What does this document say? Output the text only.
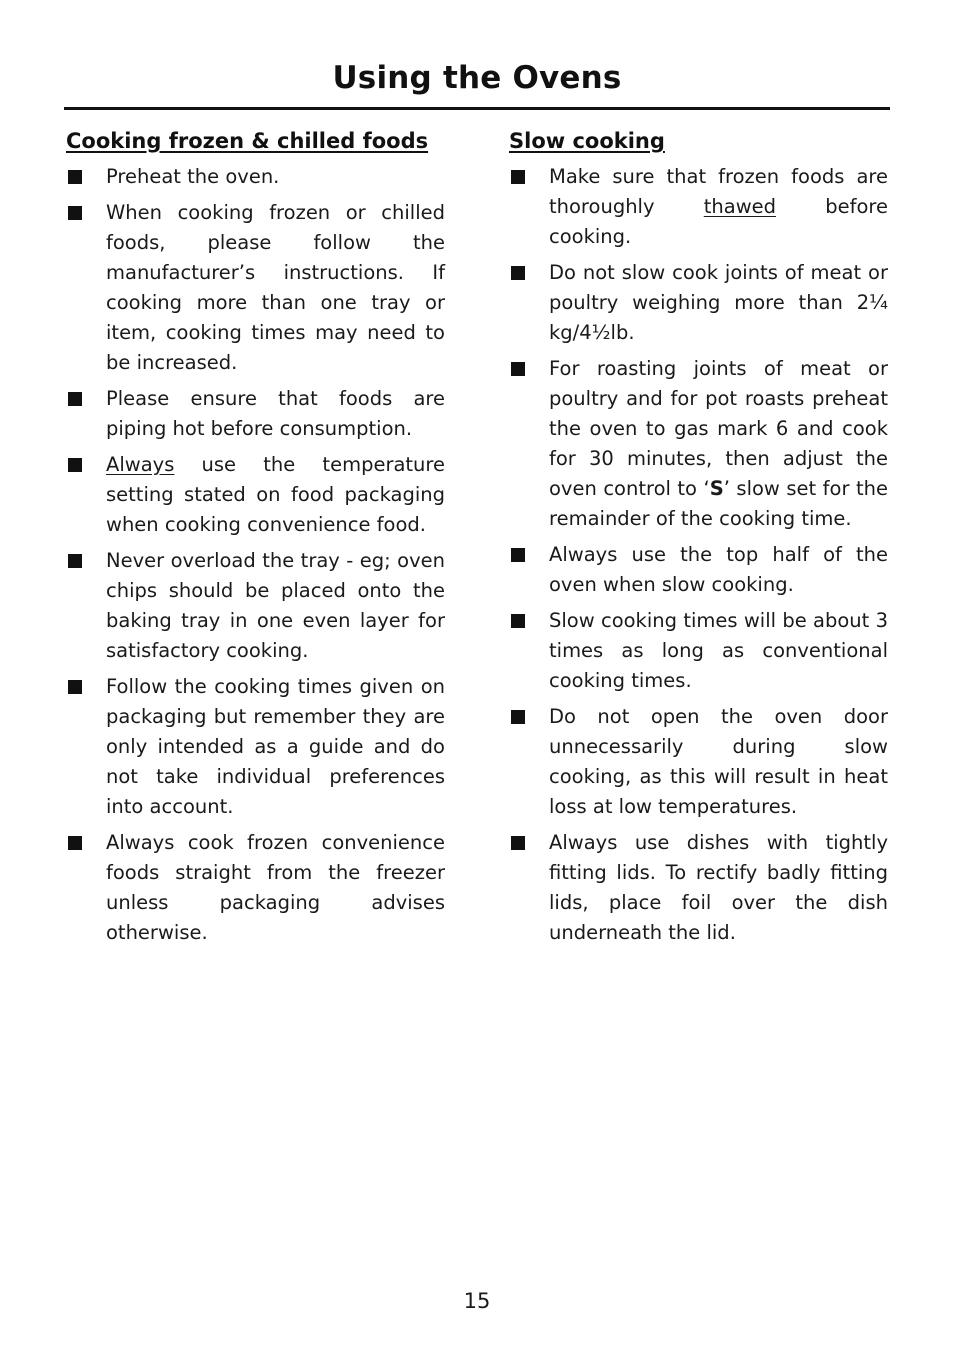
Using the Ovens
Cooking frozen & chilled foods
Preheat the oven.
When cooking frozen or chilled foods, please follow the manufacturer’s instructions. If cooking more than one tray or item, cooking times may need to be increased.
Please ensure that foods are piping hot before consumption.
Always use the temperature setting stated on food packaging when cooking convenience food.
Never overload the tray - eg; oven chips should be placed onto the baking tray in one even layer for satisfactory cooking.
Follow the cooking times given on packaging but remember they are only intended as a guide and do not take individual preferences into account.
Always cook frozen convenience foods straight from the freezer unless packaging advises otherwise.
Slow cooking
Make sure that frozen foods are thoroughly thawed before cooking.
Do not slow cook joints of meat or poultry weighing more than 2¼ kg/4½lb.
For roasting joints of meat or poultry and for pot roasts preheat the oven to gas mark 6 and cook for 30 minutes, then adjust the oven control to ‘S’ slow set for the remainder of the cooking time.
Always use the top half of the oven when slow cooking.
Slow cooking times will be about 3 times as long as conventional cooking times.
Do not open the oven door unnecessarily during slow cooking, as this will result in heat loss at low temperatures.
Always use dishes with tightly fitting lids. To rectify badly fitting lids, place foil over the dish underneath the lid.
15
